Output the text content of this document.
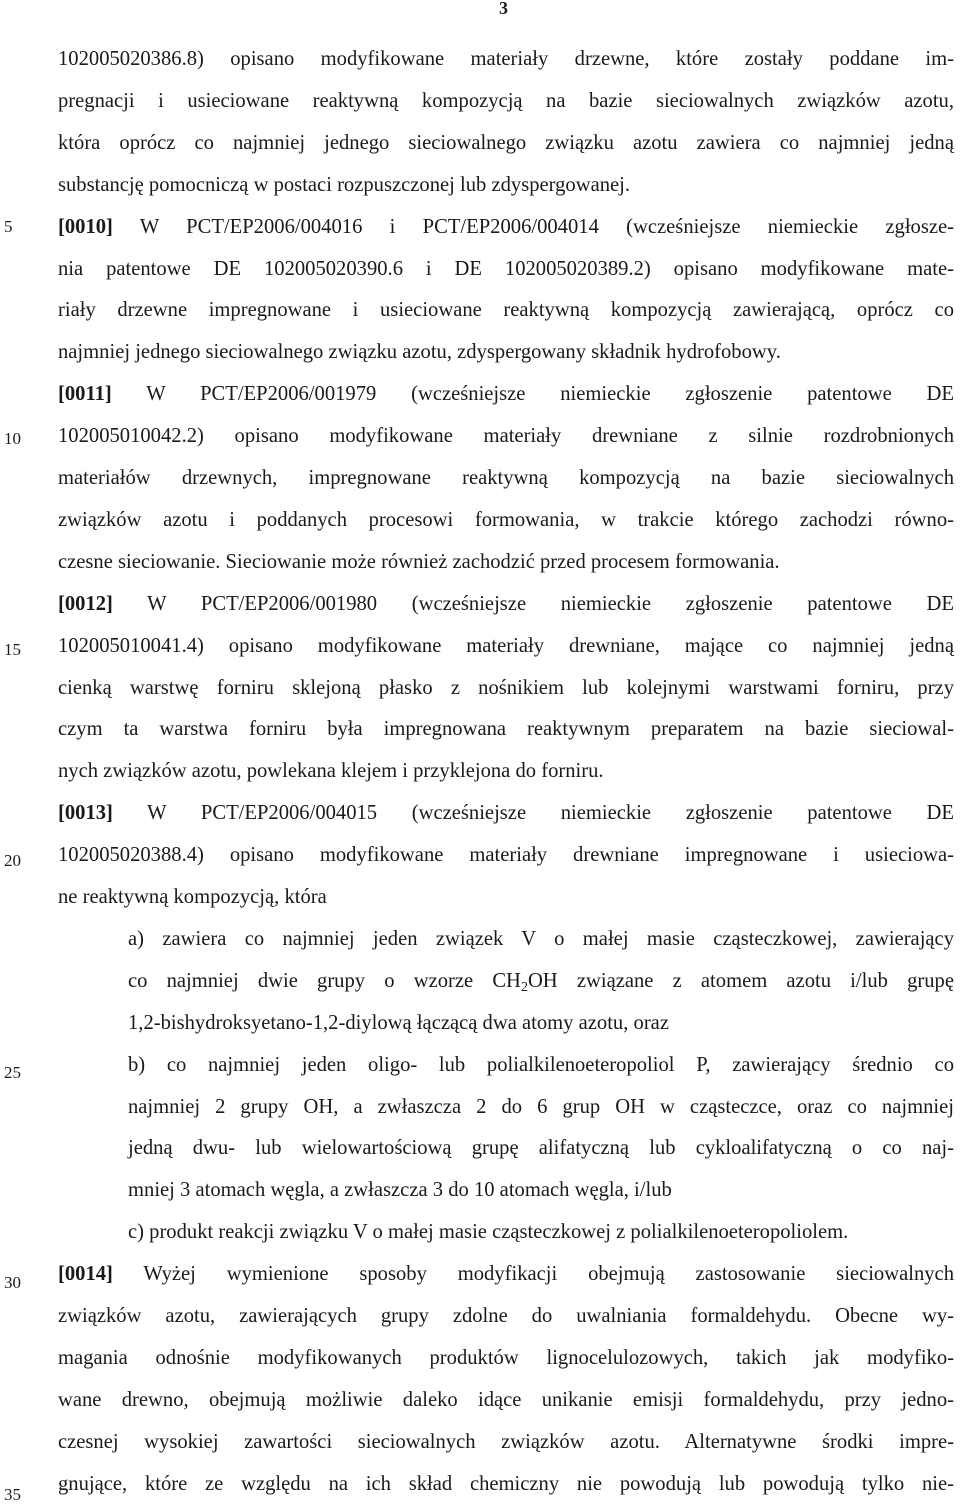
3
5
10
15
20
25
30
35
102005020386.8) opisano modyfikowane materiały drzewne, które zostały poddane im-
pregnacji i usieciowane reaktywną kompozycją na bazie sieciowalnych związków azotu,
która oprócz co najmniej jednego sieciowalnego związku azotu zawiera co najmniej jedną
substancję pomocniczą w postaci rozpuszczonej lub zdyspergowanej.
[0010] W PCT/EP2006/004016 i PCT/EP2006/004014 (wcześniejsze niemieckie zgłosze-
nia patentowe DE 102005020390.6 i DE 102005020389.2) opisano modyfikowane mate-
riały drzewne impregnowane i usieciowane reaktywną kompozycją zawierającą, oprócz co
najmniej jednego sieciowalnego związku azotu, zdyspergowany składnik hydrofobowy.
[0011] W PCT/EP2006/001979 (wcześniejsze niemieckie zgłoszenie patentowe DE
102005010042.2) opisano modyfikowane materiały drewniane z silnie rozdrobnionych
materiałów drzewnych, impregnowane reaktywną kompozycją na bazie sieciowalnych
związków azotu i poddanych procesowi formowania, w trakcie którego zachodzi równo-
czesne sieciowanie. Sieciowanie może również zachodzić przed procesem formowania.
[0012] W PCT/EP2006/001980 (wcześniejsze niemieckie zgłoszenie patentowe DE
102005010041.4) opisano modyfikowane materiały drewniane, mające co najmniej jedną
cienką warstwę forniru sklejoną płasko z nośnikiem lub kolejnymi warstwami forniru, przy
czym ta warstwa forniru była impregnowana reaktywnym preparatem na bazie sieciowal-
nych związków azotu, powlekana klejem i przyklejona do forniru.
[0013] W PCT/EP2006/004015 (wcześniejsze niemieckie zgłoszenie patentowe DE
102005020388.4) opisano modyfikowane materiały drewniane impregnowane i usieciowa-
ne reaktywną kompozycją, która
a) zawiera co najmniej jeden związek V o małej masie cząsteczkowej, zawierający
co najmniej dwie grupy o wzorze $CH_2OH$ związane z atomem azotu i/lub grupę
1,2-bishydroksyetano-1,2-diylową łączącą dwa atomy azotu, oraz
b) co najmniej jeden oligo- lub polialkilenoeteropoliol P, zawierający średnio co
najmniej 2 grupy OH, a zwłaszcza 2 do 6 grup OH w cząsteczce, oraz co najmniej
jedną dwu- lub wielowartościową grupę alifatyczną lub cykloalifatyczną o co naj-
mniej 3 atomach węgla, a zwłaszcza 3 do 10 atomach węgla, i/lub
c) produkt reakcji związku V o małej masie cząsteczkowej z polialkilenoeteropoliolem.
[0014] Wyżej wymienione sposoby modyfikacji obejmują zastosowanie sieciowalnych
związków azotu, zawierających grupy zdolne do uwalniania formaldehydu. Obecne wy-
magania odnośnie modyfikowanych produktów lignocelulozowych, takich jak modyfiko-
wane drewno, obejmują możliwie daleko idące unikanie emisji formaldehydu, przy jedno-
czesnej wysokiej zawartości sieciowalnych związków azotu. Alternatywne środki impre-
gnujące, które ze względu na ich skład chemiczny nie powodują lub powodują tylko nie-
